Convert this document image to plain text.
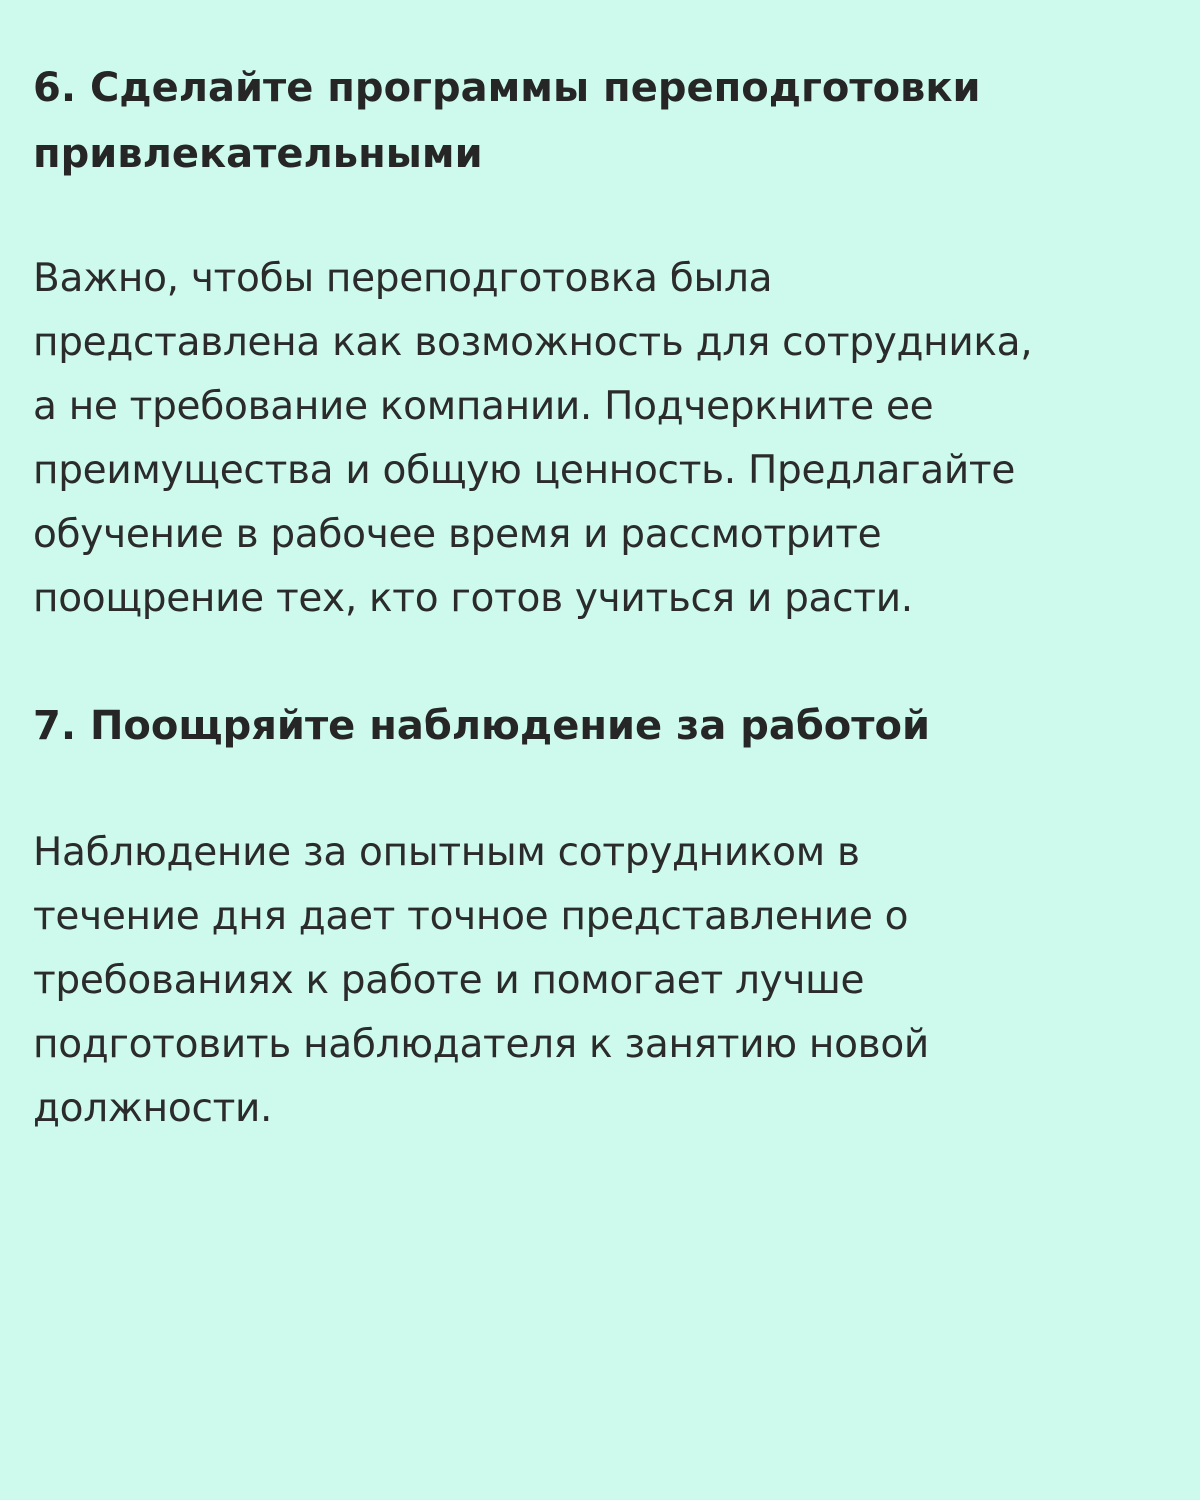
6. Сделайте программы переподготовки
привлекательными

Важно, чтобы переподготовка была
представлена как возможность для сотрудника,
а не требование компании. Подчеркните ее
преимущества и общую ценность. Предлагайте
обучение в рабочее время и рассмотрите
поощрение тех, кто готов учиться и расти.

7. Поощряйте наблюдение за работой

Наблюдение за опытным сотрудником в
течение дня дает точное представление о
требованиях к работе и помогает лучше
подготовить наблюдателя к занятию новой
должности.
